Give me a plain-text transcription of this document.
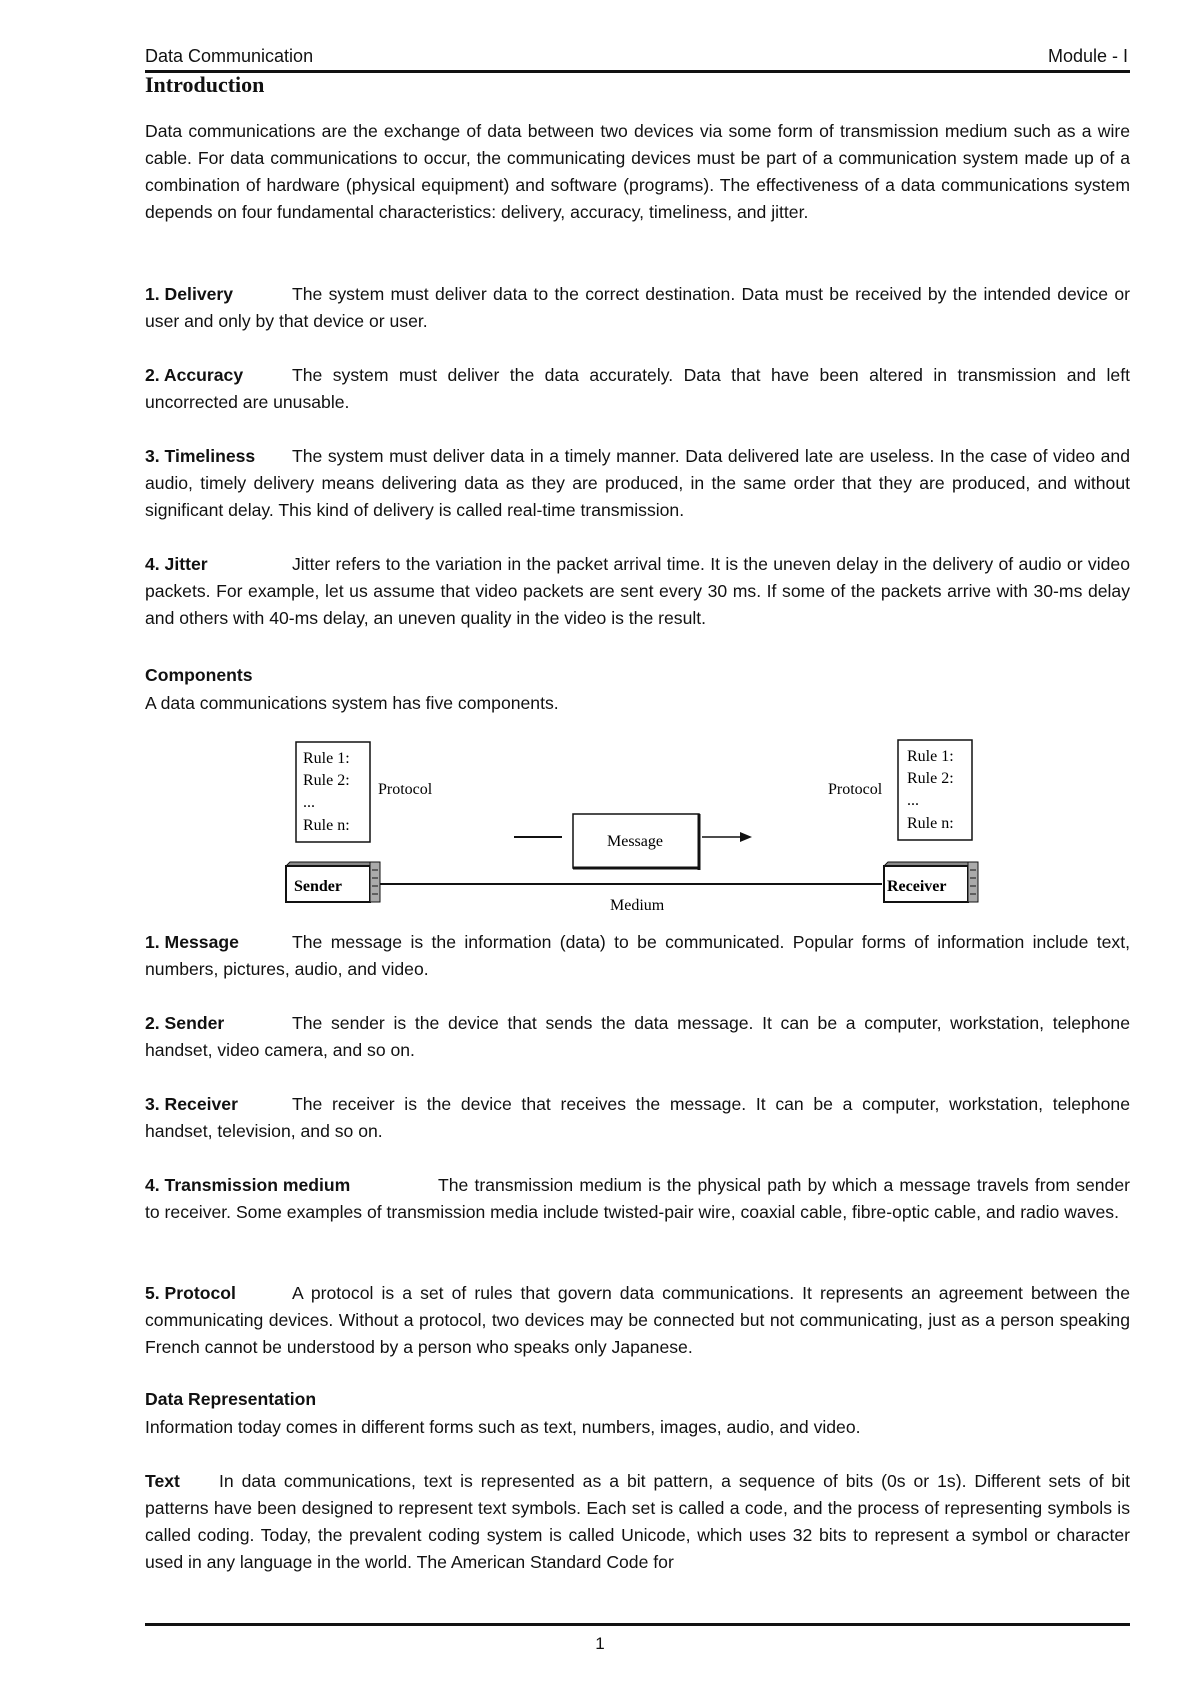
Data Communication	Module - I
Introduction

Data communications are the exchange of data between two devices via some form of transmission medium such as a wire cable. For data communications to occur, the communicating devices must be part of a communication system made up of a combination of hardware (physical equipment) and software (programs). The effectiveness of a data communications system depends on four fundamental characteristics: delivery, accuracy, timeliness, and jitter.

1. Delivery	The system must deliver data to the correct destination. Data must be received by the intended device or user and only by that device or user.

2. Accuracy	The system must deliver the data accurately. Data that have been altered in transmission and left uncorrected are unusable.

3. Timeliness The system must deliver data in a timely manner. Data delivered late are useless. In the case of video and audio, timely delivery means delivering data as they are produced, in the same order that they are produced, and without significant delay. This kind of delivery is called real-time transmission.

4. Jitter	Jitter refers to the variation in the packet arrival time. It is the uneven delay in the delivery of audio or video packets. For example, let us assume that video packets are sent every 30 ms. If some of the packets arrive with 30-ms delay and others with 40-ms delay, an uneven quality in the video is the result.

Components

A data communications system has five components.

Rule 1:
Rule 2:
...
Rule n:
Protocol
Rule 1:
Rule 2:
...
Rule n:
Protocol
Message
Medium
Sender	Receiver

1. Message	The message is the information (data) to be communicated. Popular forms of information include text, numbers, pictures, audio, and video.

2. Sender	The sender is the device that sends the data message. It can be a computer, workstation, telephone handset, video camera, and so on.

3. Receiver	The receiver is the device that receives the message. It can be a computer, workstation, telephone handset, television, and so on.

4. Transmission medium	The transmission medium is the physical path by which a message travels from sender to receiver. Some examples of transmission media include twisted-pair wire, coaxial cable, fibre-optic cable, and radio waves.

5. Protocol	A protocol is a set of rules that govern data communications. It represents an agreement between the communicating devices. Without a protocol, two devices may be connected but not communicating, just as a person speaking French cannot be understood by a person who speaks only Japanese.

Data Representation

Information today comes in different forms such as text, numbers, images, audio, and video.

Text In data communications, text is represented as a bit pattern, a sequence of bits (0s or 1s). Different sets of bit patterns have been designed to represent text symbols. Each set is called a code, and the process of representing symbols is called coding. Today, the prevalent coding system is called Unicode, which uses 32 bits to represent a symbol or character used in any language in the world. The American Standard Code for

1
